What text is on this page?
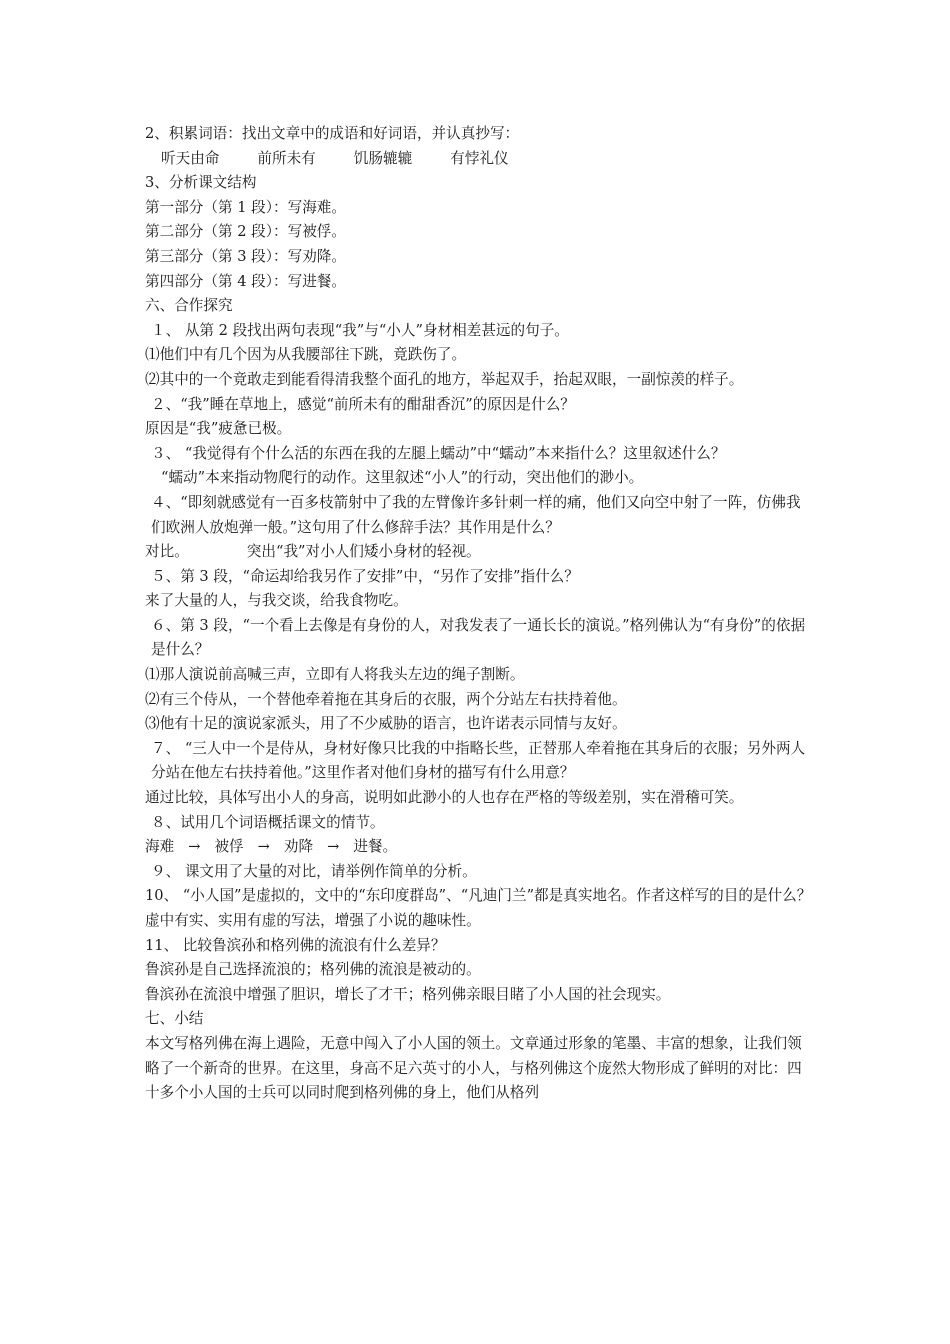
2、积累词语：找出文章中的成语和好词语，并认真抄写：

听天由命	前所未有	饥肠辘辘	有悖礼仪

3、分析课文结构

第一部分（第 1 段）：写海难。

第二部分（第 2 段）：写被俘。

第三部分（第 3 段）：写劝降。

第四部分（第 4 段）：写进餐。

六、合作探究

１、 从第 2 段找出两句表现“我”与“小人”身材相差甚远的句子。

⑴他们中有几个因为从我腰部往下跳，竟跌伤了。

⑵其中的一个竟敢走到能看得清我整个面孔的地方，举起双手，抬起双眼，一副惊羡的样子。

２、“我”睡在草地上，感觉“前所未有的酣甜香沉”的原因是什么？

原因是“我”疲惫已极。

３、 “我觉得有个什么活的东西在我的左腿上蠕动”中“蠕动”本来指什么？这里叙述什么？

“蠕动”本来指动物爬行的动作。这里叙述“小人”的行动，突出他们的渺小。

４、“即刻就感觉有一百多枝箭射中了我的左臂像许多针刺一样的痛，他们又向空中射了一阵，仿佛我们欧洲人放炮弹一般。”这句用了什么修辞手法？其作用是什么？

对比。	突出“我”对小人们矮小身材的轻视。

５、第 3 段，“命运却给我另作了安排”中，“另作了安排”指什么？

来了大量的人，与我交谈，给我食物吃。

６、第 3 段，“一个看上去像是有身份的人，对我发表了一通长长的演说。”格列佛认为“有身份”的依据是什么？

⑴那人演说前高喊三声，立即有人将我头左边的绳子割断。

⑵有三个侍从，一个替他牵着拖在其身后的衣服，两个分站左右扶持着他。

⑶他有十足的演说家派头，用了不少威胁的语言，也许诺表示同情与友好。

７、 “三人中一个是侍从，身材好像只比我的中指略长些，正替那人牵着拖在其身后的衣服；另外两人分站在他左右扶持着他。”这里作者对他们身材的描写有什么用意？

通过比较，具体写出小人的身高，说明如此渺小的人也存在严格的等级差别，实在滑稽可笑。

８、试用几个词语概括课文的情节。

海难 → 被俘 → 劝降 → 进餐。

９、 课文用了大量的对比，请举例作简单的分析。

10、 “小人国”是虚拟的，文中的“东印度群岛”、“凡迪门兰”都是真实地名。作者这样写的目的是什么？

虚中有实、实用有虚的写法，增强了小说的趣味性。

11、 比较鲁滨孙和格列佛的流浪有什么差异？

鲁滨孙是自己选择流浪的；格列佛的流浪是被动的。

鲁滨孙在流浪中增强了胆识，增长了才干；格列佛亲眼目睹了小人国的社会现实。

七、小结

本文写格列佛在海上遇险，无意中闯入了小人国的领土。文章通过形象的笔墨、丰富的想象，让我们领略了一个新奇的世界。在这里，身高不足六英寸的小人，与格列佛这个庞然大物形成了鲜明的对比：四十多个小人国的士兵可以同时爬到格列佛的身上，他们从格列
